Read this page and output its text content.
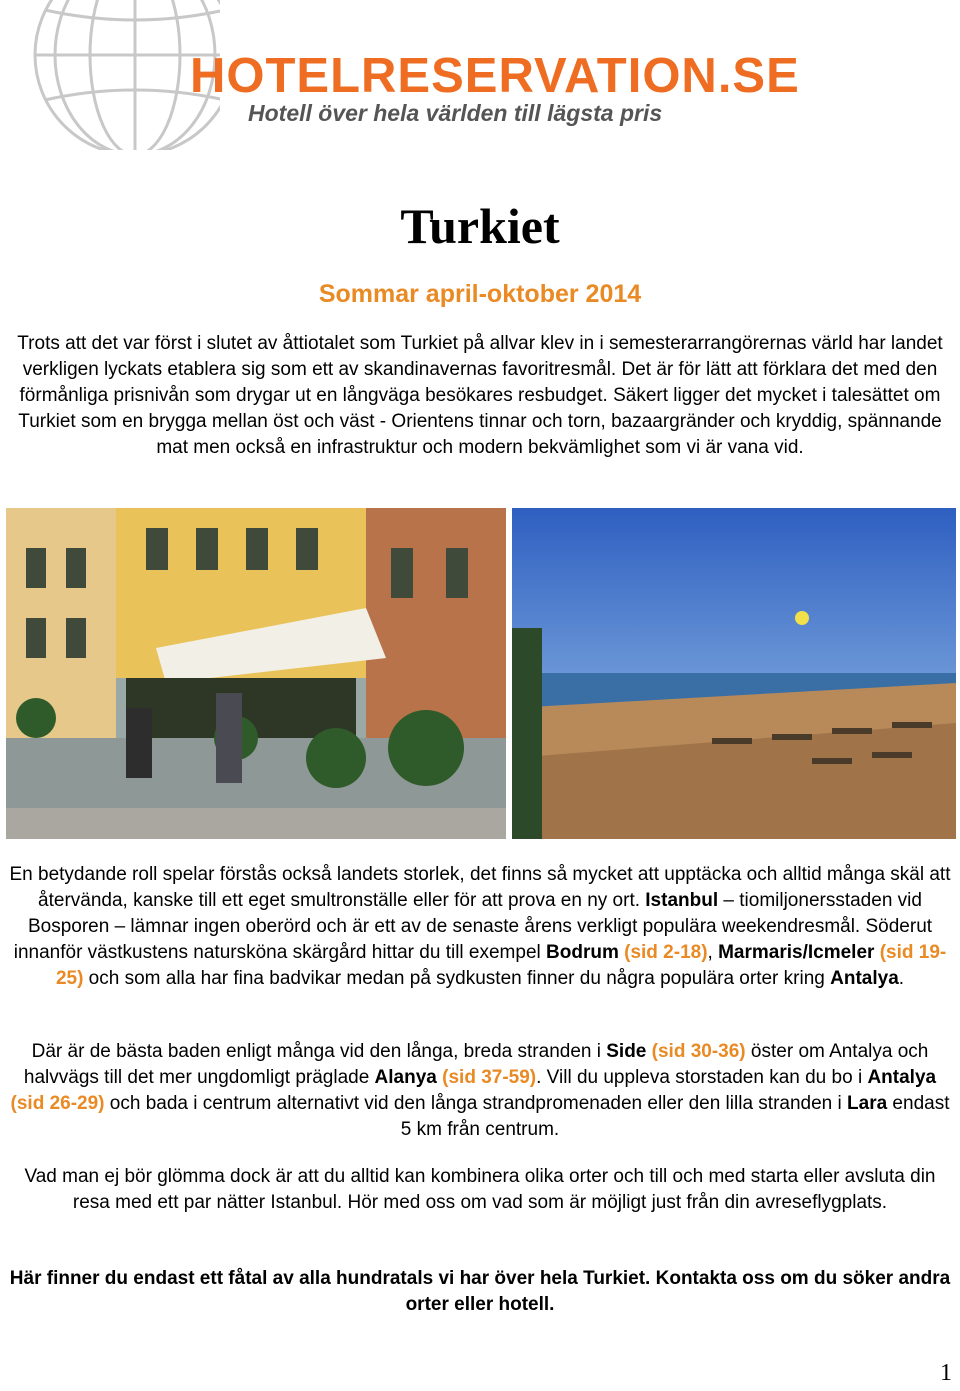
HOTELRESERVATION.SE
Hotell över hela världen till lägsta pris
Turkiet
Sommar april-oktober 2014
Trots att det var först i slutet av åttiotalet som Turkiet på allvar klev in i semesterarrangörernas värld har landet verkligen lyckats etablera sig som ett av skandinavernas favoritresmål. Det är för lätt att förklara det med den förmånliga prisnivån som drygar ut en långväga besökares resbudget. Säkert ligger det mycket i talesättet om Turkiet som en brygga mellan öst och väst - Orientens tinnar och torn, bazaargränder och kryddig, spännande mat men också en infrastruktur och modern bekvämlighet som vi är vana vid.
En betydande roll spelar förstås också landets storlek, det finns så mycket att upptäcka och alltid många skäl att återvända, kanske till ett eget smultronställe eller för att prova en ny ort. Istanbul – tiomiljonersstaden vid Bosporen – lämnar ingen oberörd och är ett av de senaste årens verkligt populära weekendresmål. Söderut innanför västkustens natursköna skärgård hittar du till exempel Bodrum (sid 2-18), Marmaris/Icmeler (sid 19-25) och som alla har fina badvikar medan på sydkusten finner du några populära orter kring Antalya.
Där är de bästa baden enligt många vid den långa, breda stranden i Side (sid 30-36) öster om Antalya och halvvägs till det mer ungdomligt präglade Alanya (sid 37-59). Vill du uppleva storstaden kan du bo i Antalya (sid 26-29) och bada i centrum alternativt vid den långa strandpromenaden eller den lilla stranden i Lara endast 5 km från centrum.
Vad man ej bör glömma dock är att du alltid kan kombinera olika orter och till och med starta eller avsluta din resa med ett par nätter Istanbul. Hör med oss om vad som är möjligt just från din avreseflygplats.
Här finner du endast ett fåtal av alla hundratals vi har över hela Turkiet. Kontakta oss om du söker andra orter eller hotell.
1
